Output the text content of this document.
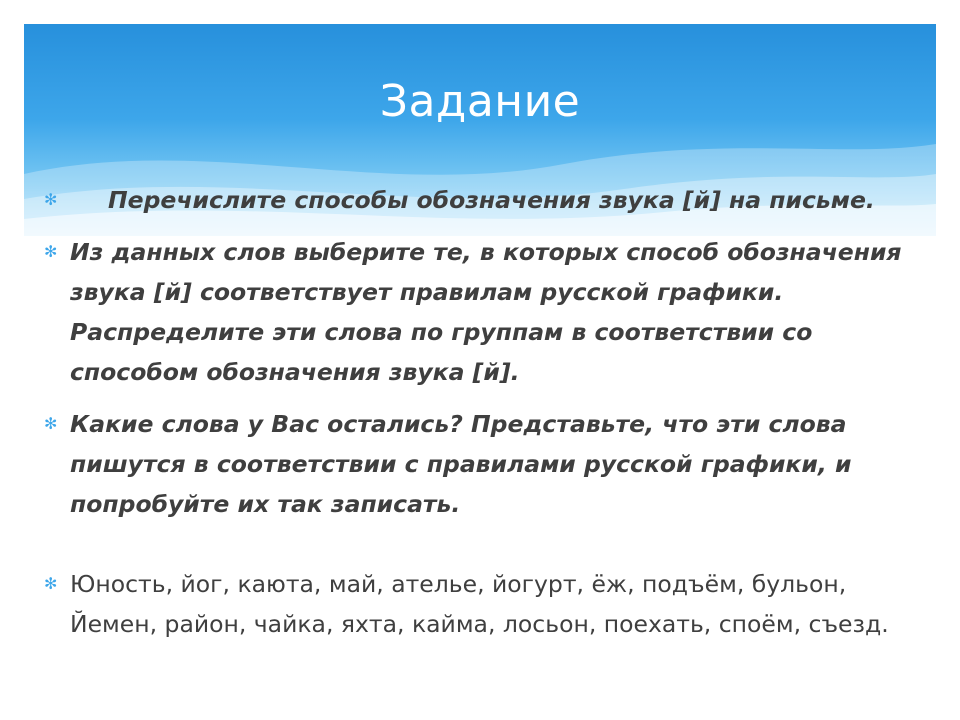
Задание
✻ Перечислите способы обозначения звука [й] на письме.
✻ Из данных слов выберите те, в которых способ обозначения звука [й] соответствует правилам русской графики. Распределите эти слова по группам в соответствии со способом обозначения звука [й].
✻ Какие слова у Вас остались? Представьте, что эти слова пишутся в соответствии с правилами русской графики, и попробуйте их так записать.
✻ Юность, йог, каюта, май, ателье, йогурт, ёж, подъём, бульон, Йемен, район, чайка, яхта, кайма, лосьон, поехать, споём, съезд.
